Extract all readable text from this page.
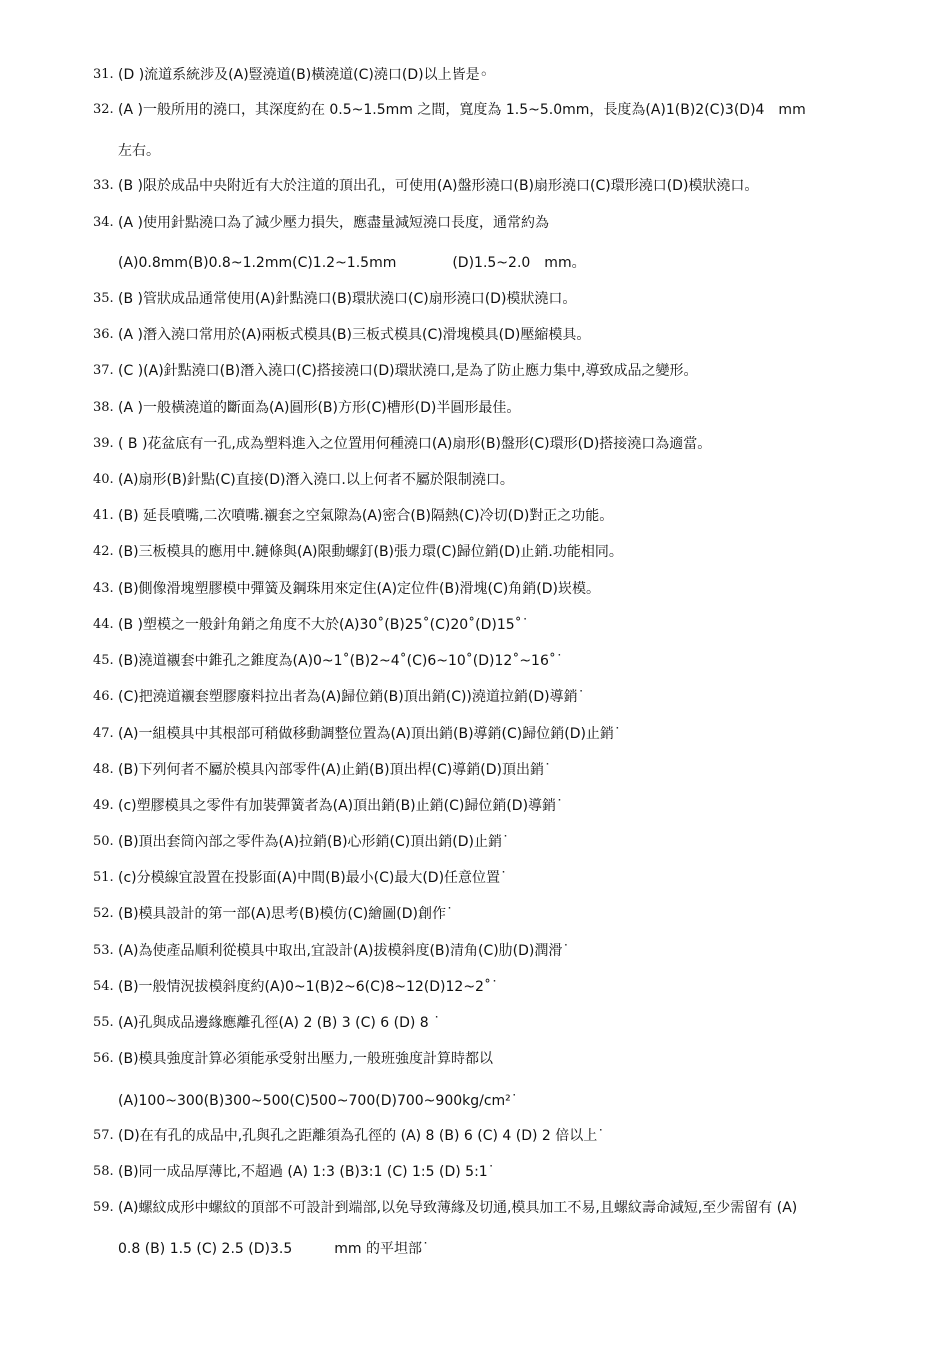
31. (D )流道系統涉及(A)豎澆道(B)橫澆道(C)澆口(D)以上皆是◦
32. (A )一般所用的澆口，其深度約在 0.5~1.5mm 之間，寬度為 1.5~5.0mm，長度為(A)1(B)2(C)3(D)4　mm
左右。
33. (B )限於成品中央附近有大於注道的頂出孔，可使用(A)盤形澆口(B)扇形澆口(C)環形澆口(D)模狀澆口。
34. (A )使用針點澆口為了減少壓力損失，應盡量減短澆口長度，通常約為
(A)0.8mm(B)0.8~1.2mm(C)1.2~1.5mm　　　　(D)1.5~2.0　mm。
35. (B )管狀成品通常使用(A)針點澆口(B)環狀澆口(C)扇形澆口(D)模狀澆口。
36. (A )潛入澆口常用於(A)兩板式模具(B)三板式模具(C)滑塊模具(D)壓縮模具。
37. (C )(A)針點澆口(B)潛入澆口(C)搭接澆口(D)環狀澆口,是為了防止應力集中,導致成品之變形。
38. (A )一般橫澆道的斷面為(A)圓形(B)方形(C)槽形(D)半圓形最佳。
39. ( B )花盆底有一孔,成為塑料進入之位置用何種澆口(A)扇形(B)盤形(C)環形(D)搭接澆口為適當。
40. (A)扇形(B)針點(C)直接(D)潛入澆口.以上何者不屬於限制澆口。
41. (B) 延長噴嘴,二次噴嘴.襯套之空氣隙為(A)密合(B)隔熱(C)冷切(D)對正之功能。
42. (B)三板模具的應用中.鏈條與(A)限動螺釘(B)張力環(C)歸位銷(D)止銷.功能相同。
43. (B)側像滑塊塑膠模中彈簧及鋼珠用來定住(A)定位件(B)滑塊(C)角銷(D)崁模。
44. (B )塑模之一般針角銷之角度不大於(A)30˚(B)25˚(C)20˚(D)15˚˙
45. (B)澆道襯套中錐孔之錐度為(A)0~1˚(B)2~4˚(C)6~10˚(D)12˚~16˚˙
46. (C)把澆道襯套塑膠廢料拉出者為(A)歸位銷(B)頂出銷(C))澆道拉銷(D)導銷˙
47. (A)一組模具中其根部可稍做移動調整位置為(A)頂出銷(B)導銷(C)歸位銷(D)止銷˙
48. (B)下列何者不屬於模具內部零件(A)止銷(B)頂出桿(C)導銷(D)頂出銷˙
49. (c)塑膠模具之零件有加裝彈簧者為(A)頂出銷(B)止銷(C)歸位銷(D)導銷˙
50. (B)頂出套筒內部之零件為(A)拉銷(B)心形銷(C)頂出銷(D)止銷˙
51. (c)分模線宜設置在投影面(A)中間(B)最小(C)最大(D)任意位置˙
52. (B)模具設計的第一部(A)思考(B)模仿(C)繪圖(D)創作˙
53. (A)為使產品順利從模具中取出,宜設計(A)拔模斜度(B)清角(C)肋(D)潤滑˙
54. (B)一般情況拔模斜度約(A)0~1(B)2~6(C)8~12(D)12~2˚˙
55. (A)孔與成品邊緣應離孔徑(A) 2 (B) 3 (C) 6 (D) 8 ˙
56. (B)模具強度計算必須能承受射出壓力,一般班強度計算時都以
(A)100~300(B)300~500(C)500~700(D)700~900kg/cm²˙
57. (D)在有孔的成品中,孔與孔之距離須為孔徑的 (A) 8 (B) 6 (C) 4 (D) 2 倍以上˙
58. (B)同一成品厚薄比,不超過 (A) 1:3 (B)3:1 (C) 1:5 (D) 5:1˙
59. (A)螺紋成形中螺紋的頂部不可設計到端部,以免导致薄緣及切通,模具加工不易,且螺紋壽命減短,至少需留有 (A)
0.8 (B) 1.5 (C) 2.5 (D)3.5　　　mm 的平坦部˙
